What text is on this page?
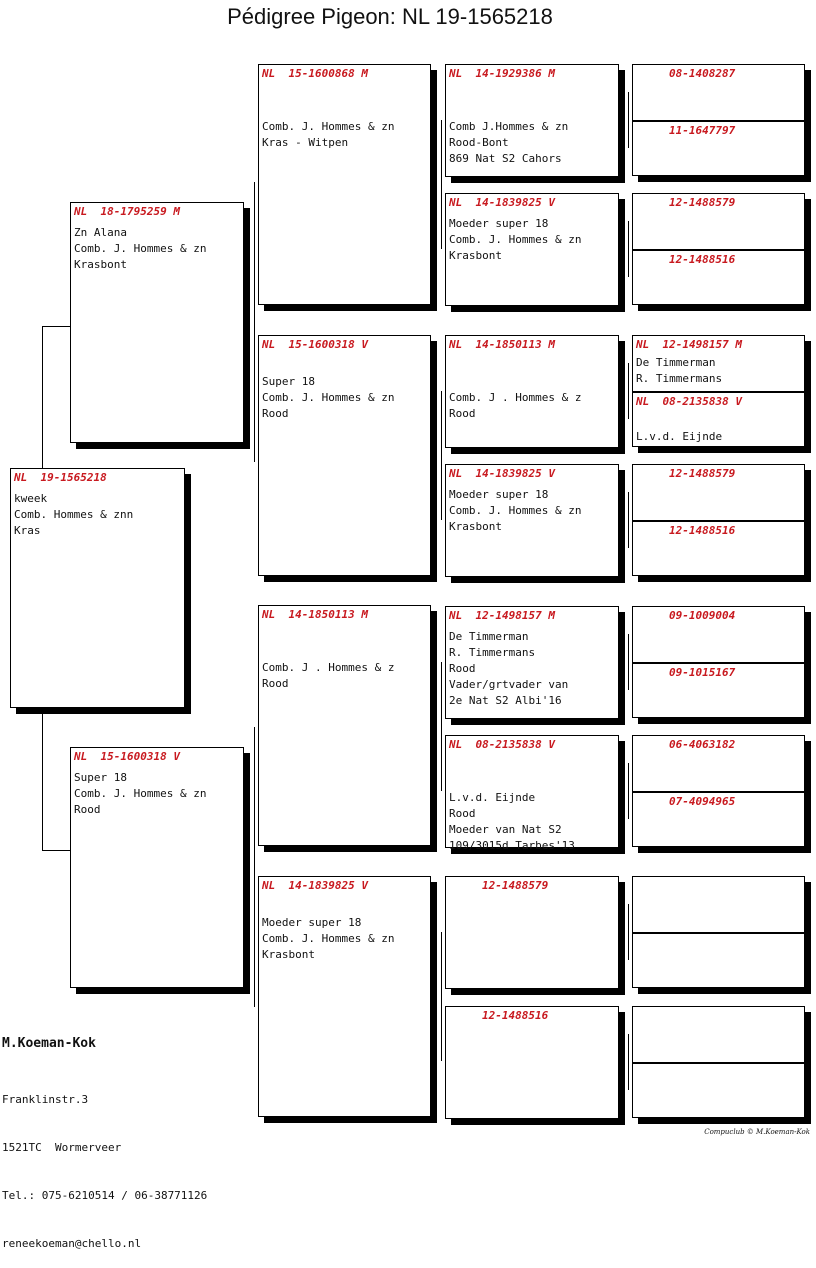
Pédigree Pigeon: NL 19-1565218
NL  19-1565218
kweek
Comb. Hommes & znn
Kras
NL  18-1795259 M
Zn Alana
Comb. J. Hommes & zn
Krasbont
NL  15-1600318 V
Super 18
Comb. J. Hommes & zn
Rood
NL  15-1600868 M

Comb. J. Hommes & zn
Kras - Witpen
NL  15-1600318 V
Super 18
Comb. J. Hommes & zn
Rood
NL  14-1850113 M

Comb. J . Hommes & z
Rood
NL  14-1839825 V
Moeder super 18
Comb. J. Hommes & zn
Krasbont
NL  14-1929386 M

Comb J.Hommes & zn
Rood-Bont
869 Nat S2 Cahors
NL  14-1839825 V
Moeder super 18
Comb. J. Hommes & zn
Krasbont
NL  14-1850113 M

Comb. J . Hommes & z
Rood
NL  14-1839825 V
Moeder super 18
Comb. J. Hommes & zn
Krasbont
NL  12-1498157 M
De Timmerman
R. Timmermans
Rood
Vader/grtvader van
2e Nat S2 Albi'16
NL  08-2135838 V

L.v.d. Eijnde
Rood
Moeder van Nat S2
109/3015d Tarbes'13
12-1488579
12-1488516
08-1408287
11-1647797
12-1488579
12-1488516
NL  12-1498157 M
De Timmerman
R. Timmermans
NL  08-2135838 V

L.v.d. Eijnde
12-1488579
12-1488516
09-1009004
09-1015167
06-4063182
07-4094965
M.Koeman-Kok

Franklinstr.3

1521TC  Wormerveer

Tel.: 075-6210514 / 06-38771126

reneekoeman@chello.nl

Compuclub © M.Koeman-Kok
